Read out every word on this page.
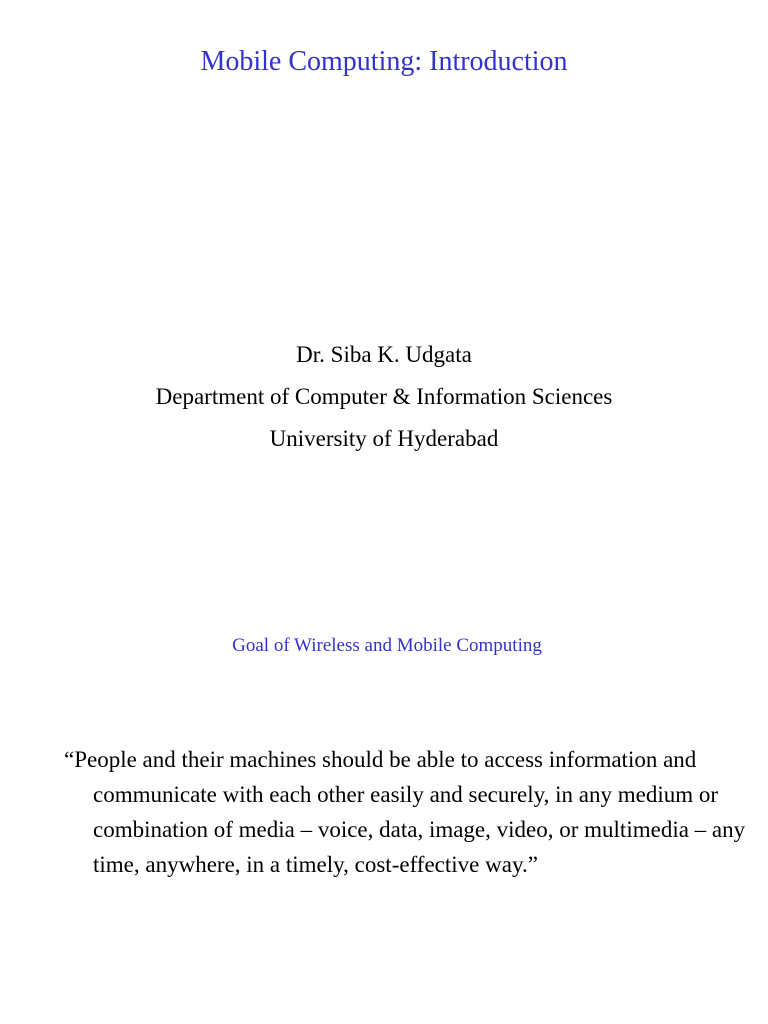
Mobile Computing: Introduction
Dr. Siba K. Udgata
Department of Computer & Information Sciences
University of Hyderabad
Goal of Wireless and Mobile Computing

“People and their machines should be able to access information and communicate with each other easily and securely, in any medium or combination of media – voice, data, image, video, or multimedia – any time, anywhere, in a timely, cost-effective way.”
